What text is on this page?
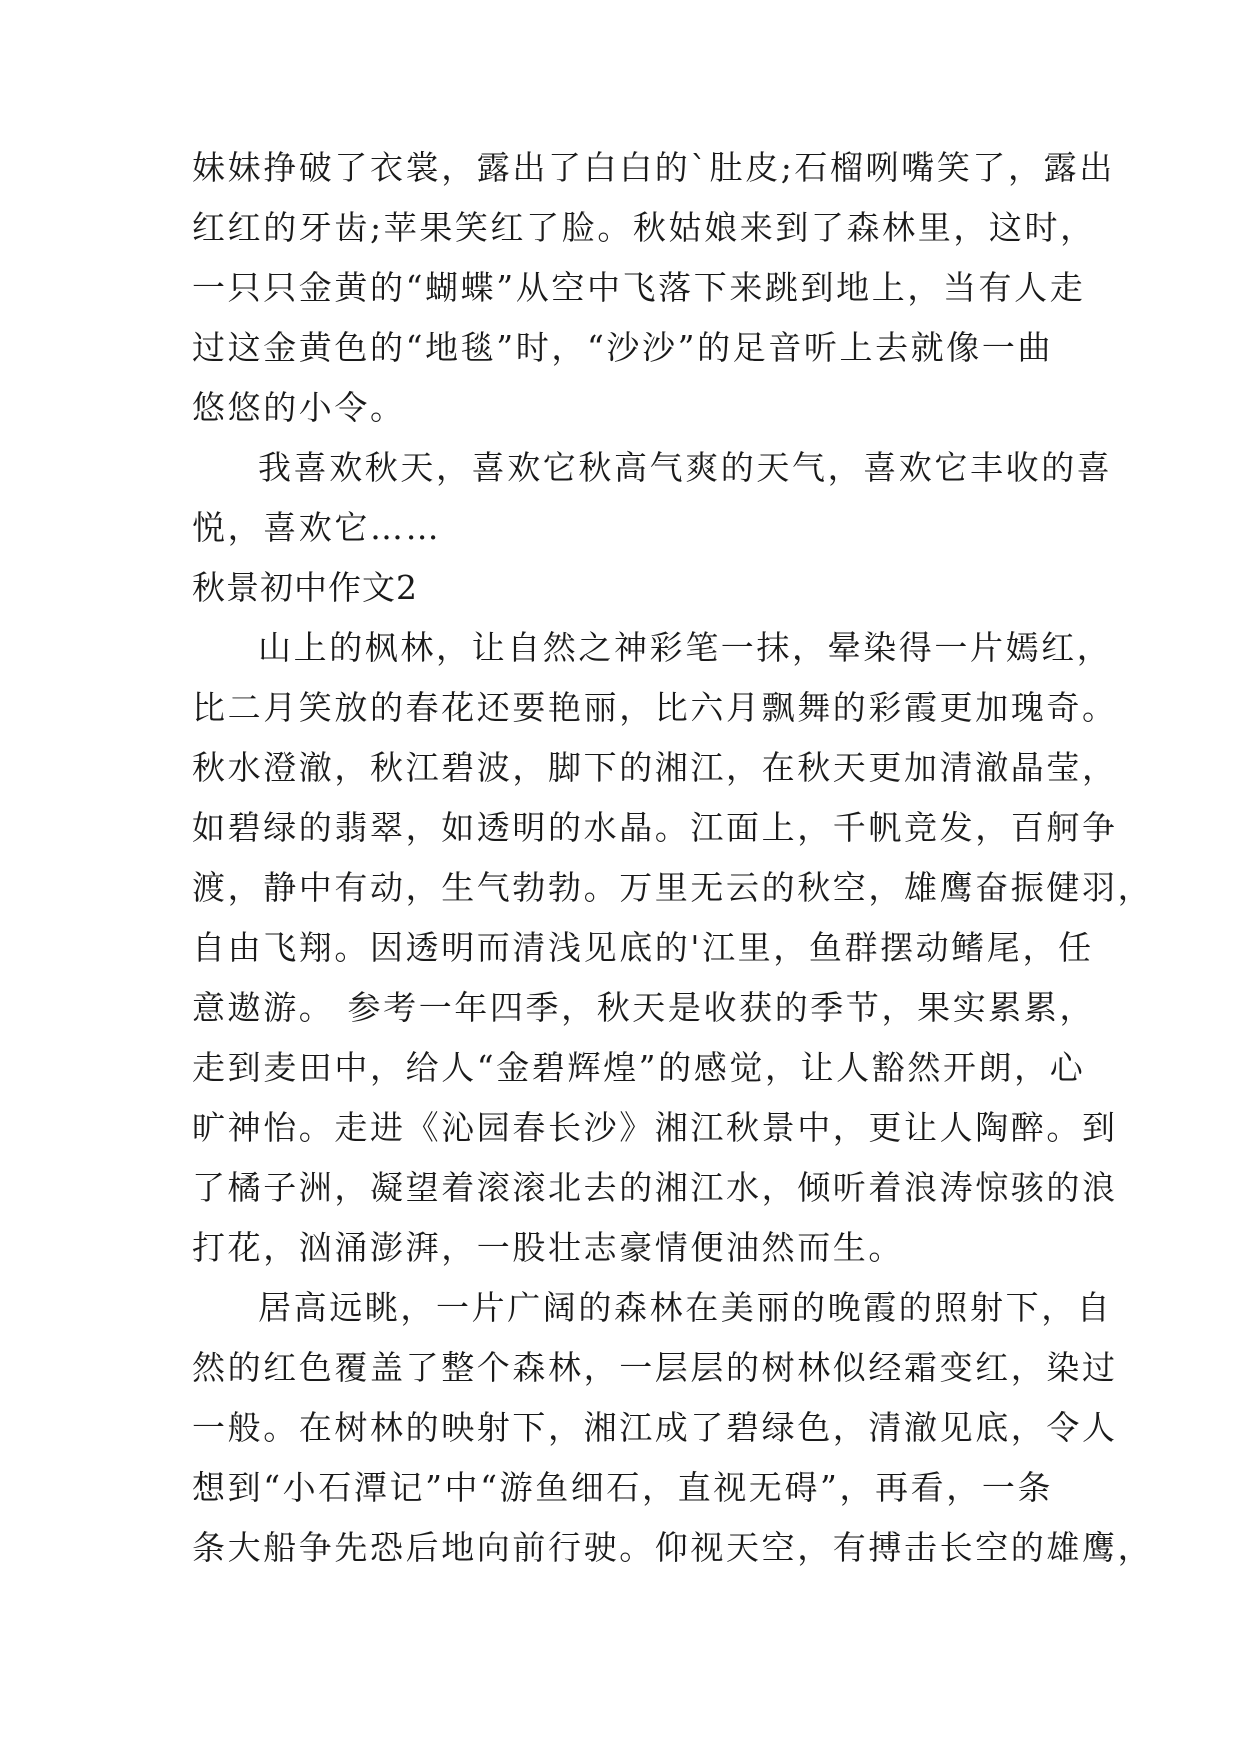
妹妹挣破了衣裳，露出了白白的`肚皮;石榴咧嘴笑了，露出
红红的牙齿;苹果笑红了脸。秋姑娘来到了森林里，这时，
一只只金黄的“蝴蝶”从空中飞落下来跳到地上，当有人走
过这金黄色的“地毯”时，“沙沙”的足音听上去就像一曲
悠悠的小令。
我喜欢秋天，喜欢它秋高气爽的天气，喜欢它丰收的喜
悦，喜欢它……
秋景初中作文2
山上的枫林，让自然之神彩笔一抹，晕染得一片嫣红，
比二月笑放的春花还要艳丽，比六月飘舞的彩霞更加瑰奇。
秋水澄澈，秋江碧波，脚下的湘江，在秋天更加清澈晶莹，
如碧绿的翡翠，如透明的水晶。江面上，千帆竞发，百舸争
渡，静中有动，生气勃勃。万里无云的秋空，雄鹰奋振健羽，
自由飞翔。因透明而清浅见底的'江里，鱼群摆动鳍尾，任
意遨游。 参考一年四季，秋天是收获的季节，果实累累，
走到麦田中，给人“金碧辉煌”的感觉，让人豁然开朗，心
旷神怡。走进《沁园春长沙》湘江秋景中，更让人陶醉。到
了橘子洲，凝望着滚滚北去的湘江水，倾听着浪涛惊骇的浪
打花，汹涌澎湃，一股壮志豪情便油然而生。
居高远眺，一片广阔的森林在美丽的晚霞的照射下，自
然的红色覆盖了整个森林，一层层的树林似经霜变红，染过
一般。在树林的映射下，湘江成了碧绿色，清澈见底，令人
想到“小石潭记”中“游鱼细石，直视无碍”，再看，一条
条大船争先恐后地向前行驶。仰视天空，有搏击长空的雄鹰，
